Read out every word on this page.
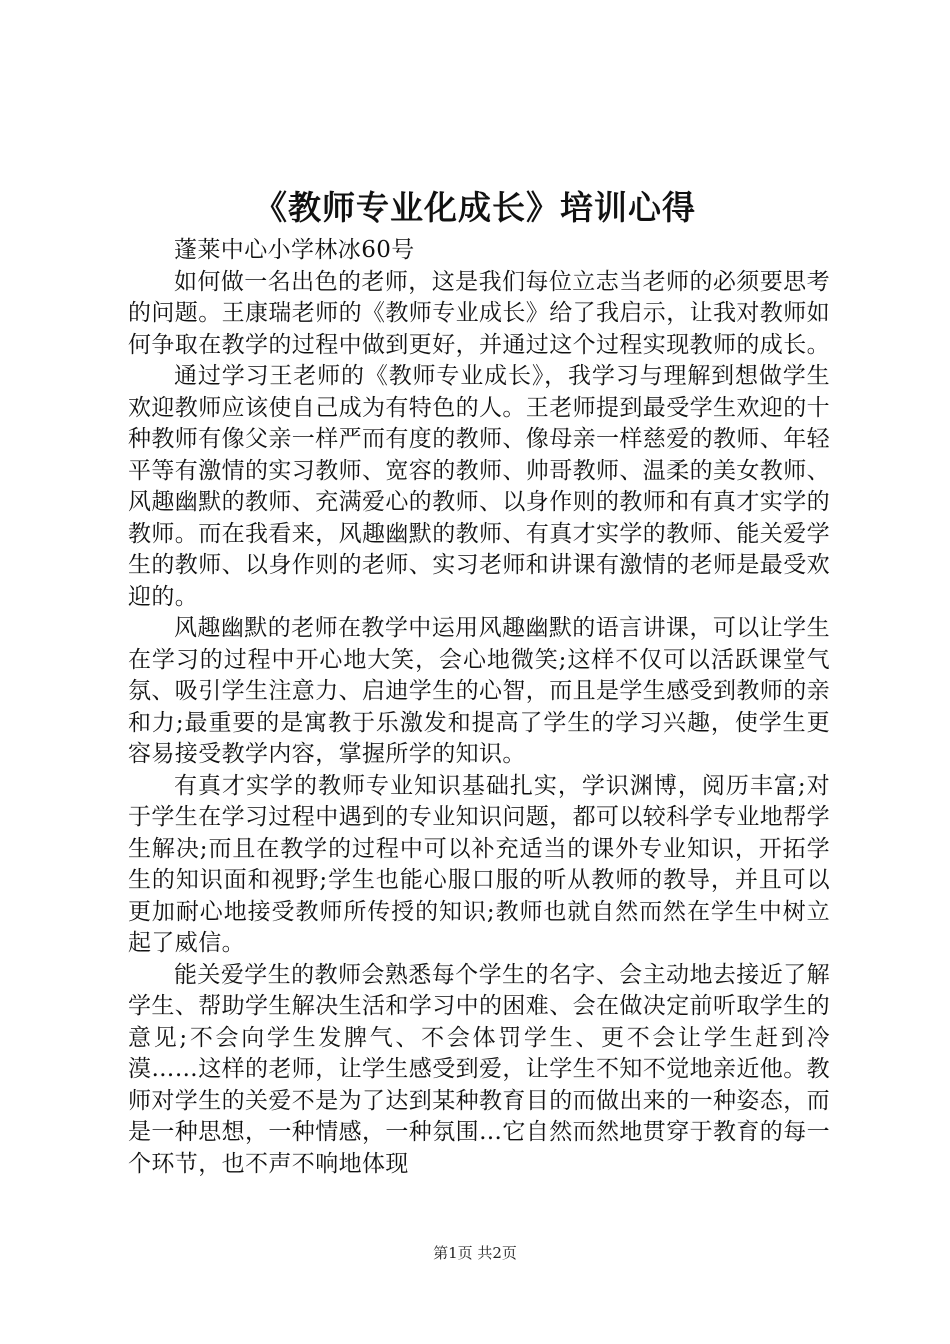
《教师专业化成长》培训心得

蓬莱中心小学林冰60号

如何做一名出色的老师，这是我们每位立志当老师的必须要思考的问题。王康瑞老师的《教师专业成长》给了我启示，让我对教师如何争取在教学的过程中做到更好，并通过这个过程实现教师的成长。

通过学习王老师的《教师专业成长》，我学习与理解到想做学生欢迎教师应该使自己成为有特色的人。王老师提到最受学生欢迎的十种教师有像父亲一样严而有度的教师、像母亲一样慈爱的教师、年轻平等有激情的实习教师、宽容的教师、帅哥教师、温柔的美女教师、风趣幽默的教师、充满爱心的教师、以身作则的教师和有真才实学的教师。而在我看来，风趣幽默的教师、有真才实学的教师、能关爱学生的教师、以身作则的老师、实习老师和讲课有激情的老师是最受欢迎的。

风趣幽默的老师在教学中运用风趣幽默的语言讲课，可以让学生在学习的过程中开心地大笑，会心地微笑;这样不仅可以活跃课堂气氛、吸引学生注意力、启迪学生的心智，而且是学生感受到教师的亲和力;最重要的是寓教于乐激发和提高了学生的学习兴趣，使学生更容易接受教学内容，掌握所学的知识。

有真才实学的教师专业知识基础扎实，学识渊博，阅历丰富;对于学生在学习过程中遇到的专业知识问题，都可以较科学专业地帮学生解决;而且在教学的过程中可以补充适当的课外专业知识，开拓学生的知识面和视野;学生也能心服口服的听从教师的教导，并且可以更加耐心地接受教师所传授的知识;教师也就自然而然在学生中树立起了威信。

能关爱学生的教师会熟悉每个学生的名字、会主动地去接近了解学生、帮助学生解决生活和学习中的困难、会在做决定前听取学生的意见;不会向学生发脾气、不会体罚学生、更不会让学生赶到冷漠……这样的老师，让学生感受到爱，让学生不知不觉地亲近他。教师对学生的关爱不是为了达到某种教育目的而做出来的一种姿态，而是一种思想，一种情感，一种氛围…它自然而然地贯穿于教育的每一个环节，也不声不响地体现

第1页 共2页
